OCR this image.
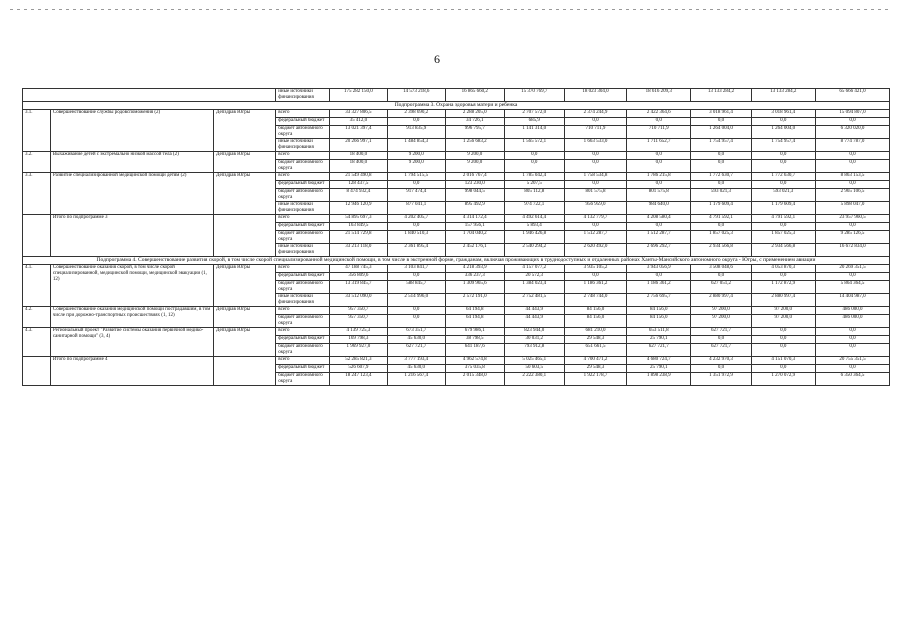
6
			иные источники финансирования	175 282 150,0	14 573 218,6	16 865 660,2	15 370 769,7	18 023 304,0	18 616 209,3	13 133 284,2	13 133 284,2	65 666 421,0
Подпрограмма 3. Охрана здоровья матери и ребенка												
3.1.	Совершенствование службы родовспоможения (2)	Депздрав Югры	всего	33 327 806,5	2 398 690,2	2 288 205,0	2 707 572,0	2 374 244,9	2 422 364,6	3 018 961,4	3 018 961,4	15 094 807,0
			федеральный бюджет	35 412,0	0,0	34 726,1	685,9	0,0	0,0	0,0	0,0	0,0
			бюджет автономного округа	13 021 397,4	913 835,9	996 795,7	1 141 314,0	710 711,9	710 711,9	1 264 004,0	1 264 004,0	6 320 020,0
			иные источники финансирования	20 266 997,1	1 484 854,3	1 256 683,2	1 565 572,1	1 663 533,0	1 711 652,7	1 754 957,4	1 754 957,4	8 774 787,0
3.2.	Выхаживание детей с экстремально низкой массой тела (2)	Депздрав Югры	всего	18 400,0	9 200,0	9 200,0	0,0	0,0	0,0	0,0	0,0	0,0
			бюджет автономного округа	18 400,0	9 200,0	9 200,0	0,0	0,0	0,0	0,0	0,0	0,0
3.3.	Развитие специализированной медицинской помощи детям (2)	Депздрав Югры	всего	21 549 490,8	1 794 515,5	2 016 767,4	1 785 042,4	1 758 534,8	1 786 215,8	1 772 630,7	1 772 630,7	8 863 153,5
			федеральный бюджет	128 437,5	0,0	123 230,0	5 207,5	0,0	0,0	0,0	0,0	0,0
			бюджет автономного округа	8 474 932,4	917 474,4	998 044,5	805 112,8	801 575,8	801 575,8	593 021,3	593 021,3	2 965 106,5
			иные источники финансирования	12 946 120,9	877 041,1	895 492,9	974 722,1	956 959,0	984 640,0	1 179 609,4	1 179 609,4	5 898 047,0
	Итого по подпрограмме 3		всего	54 895 697,3	4 202 405,7	4 314 172,4	4 492 614,4	4 132 779,7	4 208 580,4	4 791 592,1	4 791 592,1	23 957 960,5
			федеральный бюджет	163 849,5	0,0	157 956,1	5 893,4	0,0	0,0	0,0	0,0	0,0
			бюджет автономного округа	21 514 729,8	1 840 510,3	1 704 040,2	1 946 426,8	1 512 287,7	1 512 287,7	1 857 025,3	1 857 025,3	9 285 126,5
			иные источники финансирования	33 213 118,0	2 361 895,4	2 452 176,1	2 540 294,2	2 620 492,0	2 696 292,7	2 934 566,8	2 934 566,8	16 672 834,0
Подпрограмма 4. Совершенствование развития скорой, в том числе скорой специализированной медицинской помощи, в том числе в экстренной форме, гражданам, включая проживающих в труднодоступных и отдаленных районах Ханты-Мансийского автономного округа - Югры, с применением авиации												
4.1.	Совершенствование оказания скорой, в том числе скорой специализированной, медицинской помощи, медицинской эвакуации (1, 12)	Депздрав Югры	всего	47 188 745,3	3 103 841,7	4 218 393,9	4 157 077,2	3 935 105,2	3 943 056,9	3 508 048,6	4 053 870,3	20 269 351,5
			федеральный бюджет	356 809,6	0,0	336 237,3	20 572,3	0,0	0,0	0,0	0,0	0,0
			бюджет автономного округа	13 319 845,7	588 845,7	1 309 965,6	1 384 023,4	1 186 361,2	1 186 361,2	627 051,2	1 172 872,9	5 864 364,5
			иные источники финансирования	33 512 090,0	2 514 996,0	2 572 191,0	2 752 481,5	2 748 744,0	2 756 695,7	2 880 997,4	2 880 997,4	14 404 987,0
4.2.	Совершенствование оказания медицинской помощи пострадавшим, в том числе при дорожно-транспортных происшествиях (1, 12)	Депздрав Югры	всего	957 350,7	0,0	64 194,8	44 443,9	84 156,0	84 156,0	97 200,0	97 200,0	486 000,0
			бюджет автономного округа	957 350,7	0,0	64 194,8	44 443,9	84 156,0	84 156,0	97 200,0	97 200,0	486 000,0
4.3.	Региональный проект "Развитие системы оказания первичной медико-санитарной помощи" (3, 4)	Депздрав Югры	всего	4 139 725,3	673 351,7	679 986,1	823 944,0	681 210,0	653 511,8	627 721,7	0,0	0,0
			федеральный бюджет	169 798,3	45 630,0	38 798,5	30 031,2	29 548,3	25 790,1	0,0	0,0	0,0
			бюджет автономного округа	1 969 927,0	627 721,7	641 187,6	793 912,8	651 661,5	627 721,7	627 721,7	0,0	0,0
	Итого по подпрограмме 4		всего	52 285 821,3	3 777 193,4	4 962 574,8	5 025 465,1	4 700 471,2	4 680 724,7	4 232 970,3	4 151 070,3	20 755 351,5
			федеральный бюджет	526 607,9	45 630,0	375 035,8	50 603,5	29 548,3	25 790,1	0,0	0,0	0,0
			бюджет автономного округа	18 247 123,4	1 216 567,4	2 015 348,0	2 222 380,1	1 922 178,7	1 898 238,9	1 351 972,9	1 270 072,9	6 350 364,5
